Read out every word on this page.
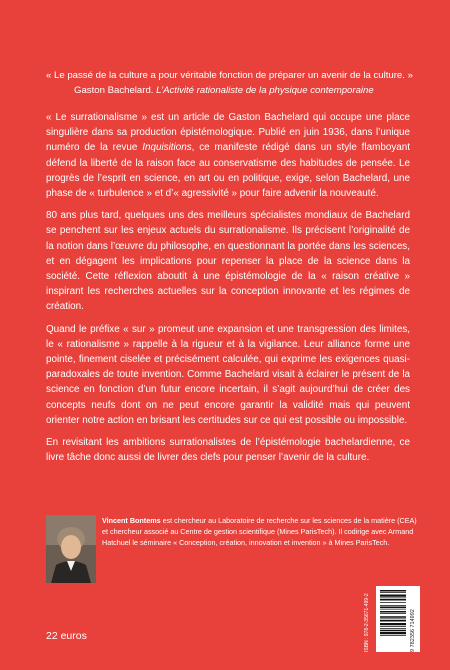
« Le passé de la culture a pour véritable fonction de préparer un avenir de la culture. »
Gaston Bachelard. L’Activité rationaliste de la physique contemporaine

« Le surrationalisme » est un article de Gaston Bachelard qui occupe une place singulière dans sa production épistémologique. Publié en juin 1936, dans l’unique numéro de la revue Inquisitions, ce manifeste rédigé dans un style flamboyant défend la liberté de la raison face au conservatisme des habitudes de pensée. Le progrès de l’esprit en science, en art ou en politique, exige, selon Bachelard, une phase de « turbulence » et d’« agressivité » pour faire advenir la nouveauté.

80 ans plus tard, quelques uns des meilleurs spécialistes mondiaux de Bachelard se penchent sur les enjeux actuels du surrationalisme. Ils précisent l’originalité de la notion dans l’œuvre du philosophe, en questionnant la portée dans les sciences, et en dégagent les implications pour repenser la place de la science dans la société. Cette réflexion aboutit à une épistémologie de la « raison créative » inspirant les recherches actuelles sur la conception innovante et les régimes de création.

Quand le préfixe « sur » promeut une expansion et une transgression des limites, le « rationalisme » rappelle à la rigueur et à la vigilance. Leur alliance forme une pointe, finement ciselée et précisément calculée, qui exprime les exigences quasi-paradoxales de toute invention. Comme Bachelard visait à éclairer le présent de la science en fonction d’un futur encore incertain, il s’agit aujourd’hui de créer des concepts neufs dont on ne peut encore garantir la validité mais qui peuvent orienter notre action en brisant les certitudes sur ce qui est possible ou impossible.

En revisitant les ambitions surrationalistes de l’épistémologie bachelardienne, ce livre tâche donc aussi de livrer des clefs pour penser l’avenir de la culture.

Vincent Bontems est chercheur au Laboratoire de recherche sur les sciences de la matière (CEA) et chercheur associé au Centre de gestion scientifique (Mines ParisTech). Il codirige avec Armand Hatchuel le séminaire « Conception, création, innovation et invention » à Mines ParisTech.
22 euros	ISBN : 978-2-35671-499-2	9 782356 714992
